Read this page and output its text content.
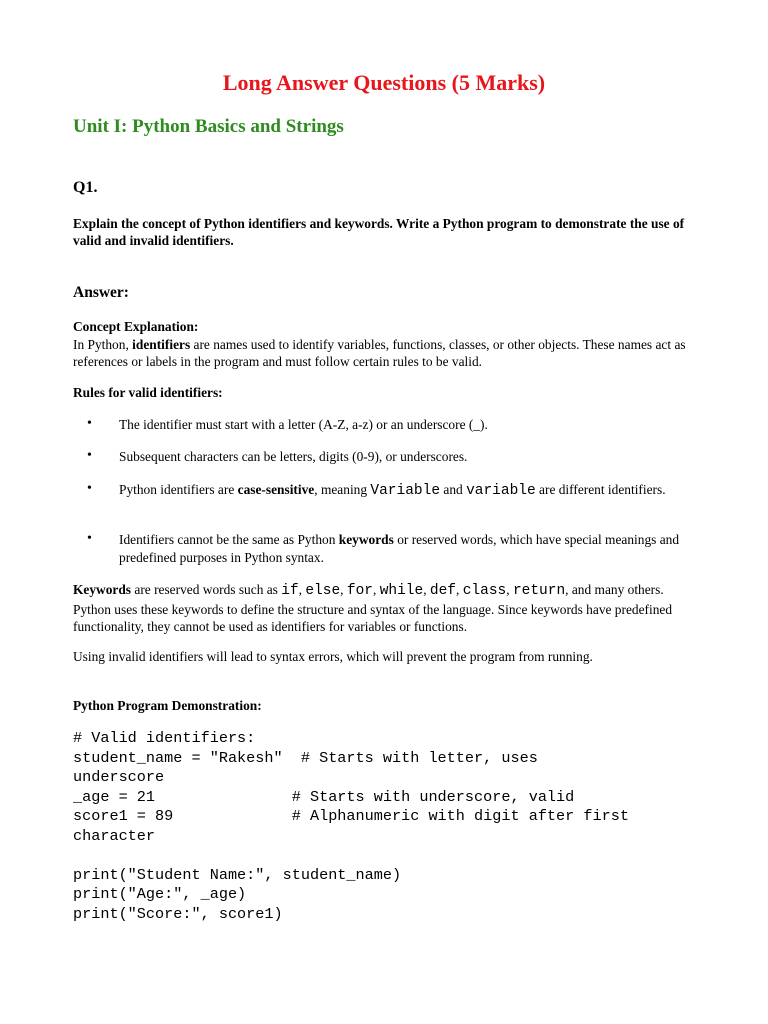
Long Answer Questions (5 Marks)
Unit I: Python Basics and Strings
Q1.
Explain the concept of Python identifiers and keywords. Write a Python program to demonstrate the use of valid and invalid identifiers.
Answer:
Concept Explanation:
In Python, identifiers are names used to identify variables, functions, classes, or other objects. These names act as references or labels in the program and must follow certain rules to be valid.
Rules for valid identifiers:
• The identifier must start with a letter (A-Z, a-z) or an underscore (_).
• Subsequent characters can be letters, digits (0-9), or underscores.
• Python identifiers are case-sensitive, meaning Variable and variable are different identifiers.
• Identifiers cannot be the same as Python keywords or reserved words, which have special meanings and predefined purposes in Python syntax.
Keywords are reserved words such as if, else, for, while, def, class, return, and many others. Python uses these keywords to define the structure and syntax of the language. Since keywords have predefined functionality, they cannot be used as identifiers for variables or functions.
Using invalid identifiers will lead to syntax errors, which will prevent the program from running.
Python Program Demonstration:
# Valid identifiers:
student_name = "Rakesh"  # Starts with letter, uses
underscore
_age = 21               # Starts with underscore, valid
score1 = 89             # Alphanumeric with digit after first
character

print("Student Name:", student_name)
print("Age:", _age)
print("Score:", score1)
